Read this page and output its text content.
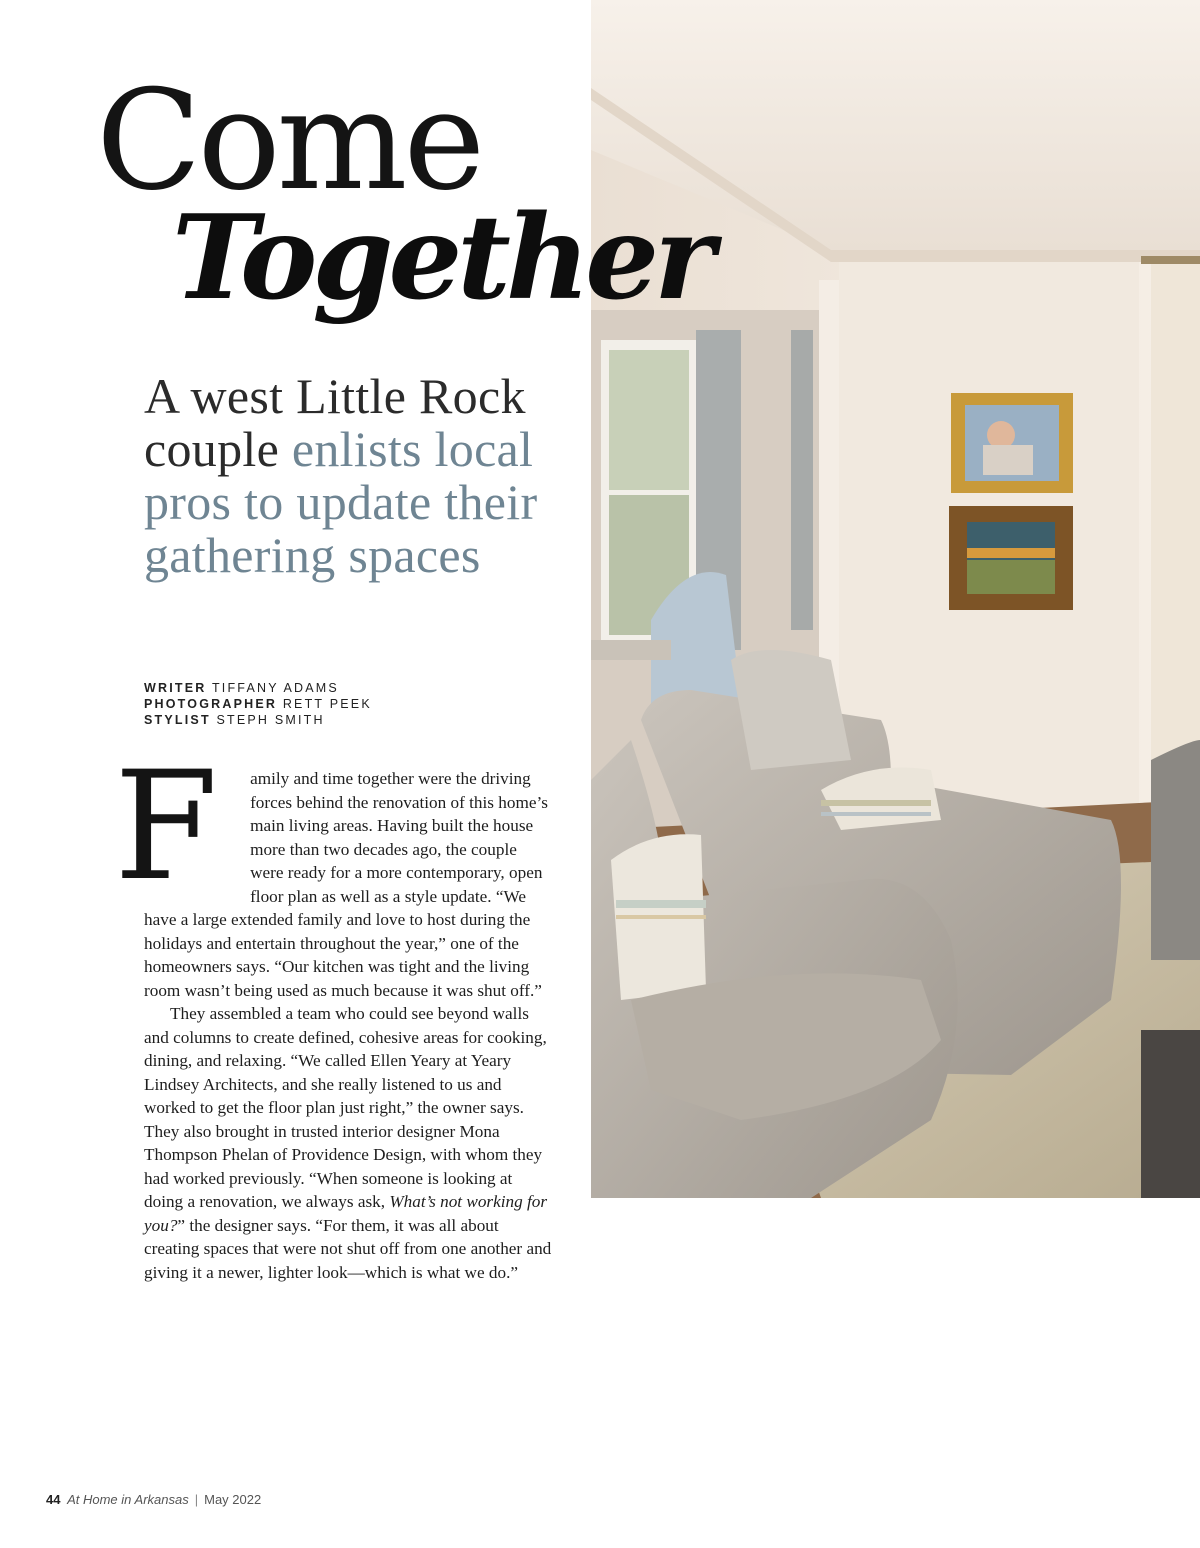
Come
Together
A west Little Rock couple enlists local pros to update their gathering spaces
WRITER TIFFANY ADAMS
PHOTOGRAPHER RETT PEEK
STYLIST STEPH SMITH

F amily and time together were the driving forces behind the renovation of this home’s main living areas. Having built the house more than two decades ago, the couple were ready for a more contemporary, open floor plan as well as a style update. “We have a large extended family and love to host during the holidays and entertain throughout the year,” one of the homeowners says. “Our kitchen was tight and the living room wasn’t being used as much because it was shut off.”

They assembled a team who could see beyond walls and columns to create defined, cohesive areas for cooking, dining, and relaxing. “We called Ellen Yeary at Yeary Lindsey Architects, and she really listened to us and worked to get the floor plan just right,” the owner says. They also brought in trusted interior designer Mona Thompson Phelan of Providence Design, with whom they had worked previously. “When someone is looking at doing a renovation, we always ask, What’s not working for you?” the designer says. “For them, it was all about creating spaces that were not shut off from one another and giving it a newer, lighter look—which is what we do.”

44 At Home in Arkansas | May 2022
